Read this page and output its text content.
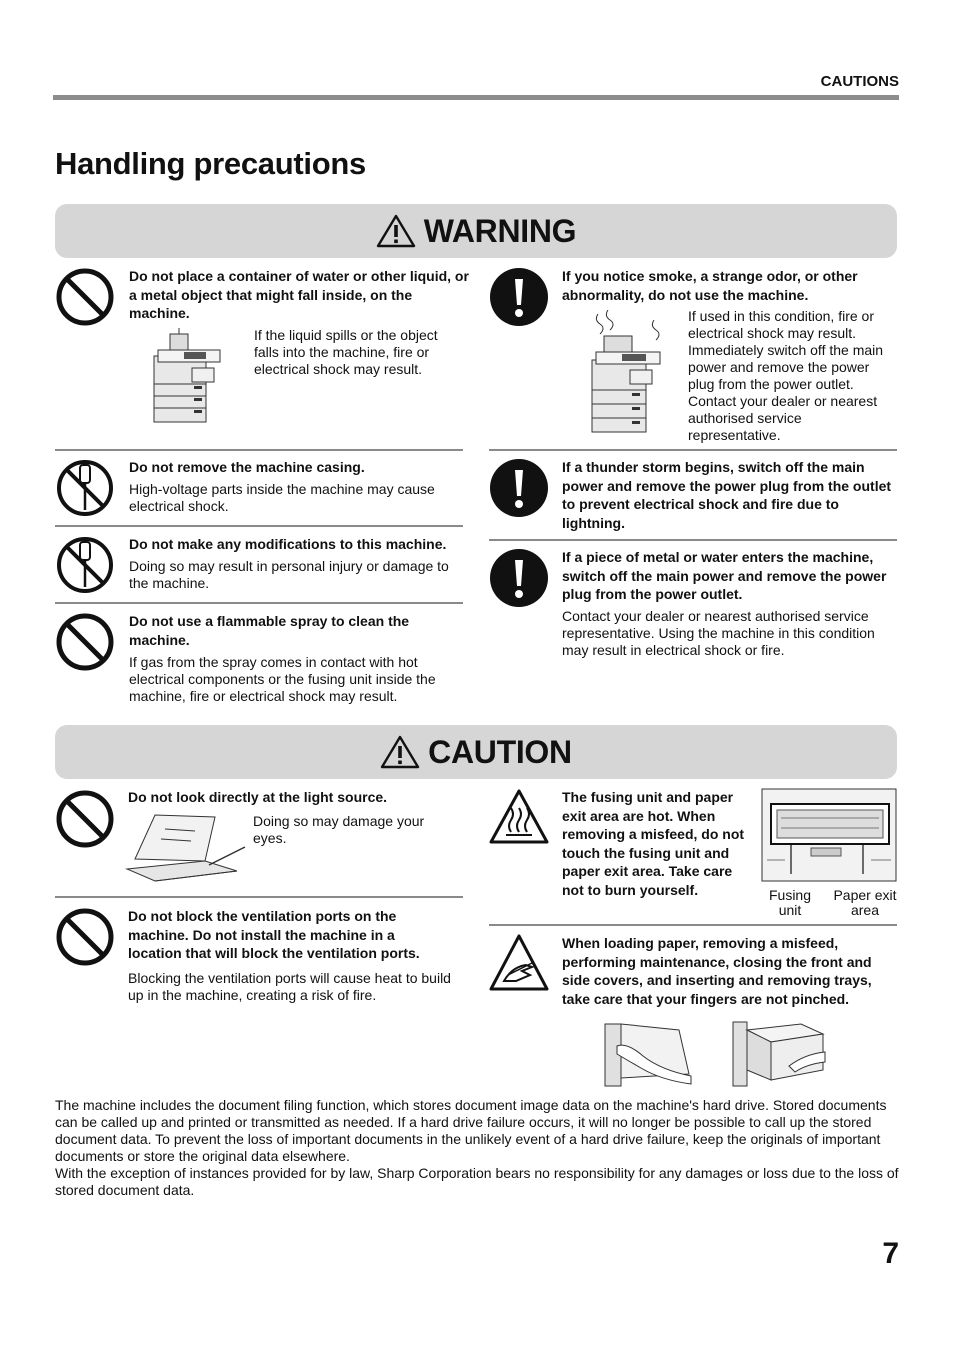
CAUTIONS
Handling precautions
WARNING
Do not place a container of water or other liquid, or a metal object that might fall inside, on the machine.
If the liquid spills or the object falls into the machine, fire or electrical shock may result.
Do not remove the machine casing.
High-voltage parts inside the machine may cause electrical shock.
Do not make any modifications to this machine.
Doing so may result in personal injury or damage to the machine.
Do not use a flammable spray to clean the machine.
If gas from the spray comes in contact with hot electrical components or the fusing unit inside the machine, fire or electrical shock may result.
If you notice smoke, a strange odor, or other abnormality, do not use the machine.
If used in this condition, fire or electrical shock may result. Immediately switch off the main power and remove the power plug from the power outlet. Contact your dealer or nearest authorised service representative.
If a thunder storm begins, switch off the main power and remove the power plug from the outlet to prevent electrical shock and fire due to lightning.
If a piece of metal or water enters the machine, switch off the main power and remove the power plug from the power outlet.
Contact your dealer or nearest authorised service representative. Using the machine in this condition may result in electrical shock or fire.
CAUTION
Do not look directly at the light source.
Doing so may damage your eyes.
Do not block the ventilation ports on the machine. Do not install the machine in a location that will block the ventilation ports.
Blocking the ventilation ports will cause heat to build up in the machine, creating a risk of fire.
The fusing unit and paper exit area are hot. When removing a misfeed, do not touch the fusing unit and paper exit area. Take care not to burn yourself.	Fusing unit
Paper exit area
When loading paper, removing a misfeed, performing maintenance, closing the front and side covers, and inserting and removing trays, take care that your fingers are not pinched.

The machine includes the document filing function, which stores document image data on the machine's hard drive. Stored documents can be called up and printed or transmitted as needed. If a hard drive failure occurs, it will no longer be possible to call up the stored document data. To prevent the loss of important documents in the unlikely event of a hard drive failure, keep the originals of important documents or store the original data elsewhere.

With the exception of instances provided for by law, Sharp Corporation bears no responsibility for any damages or loss due to the loss of stored document data.

7
